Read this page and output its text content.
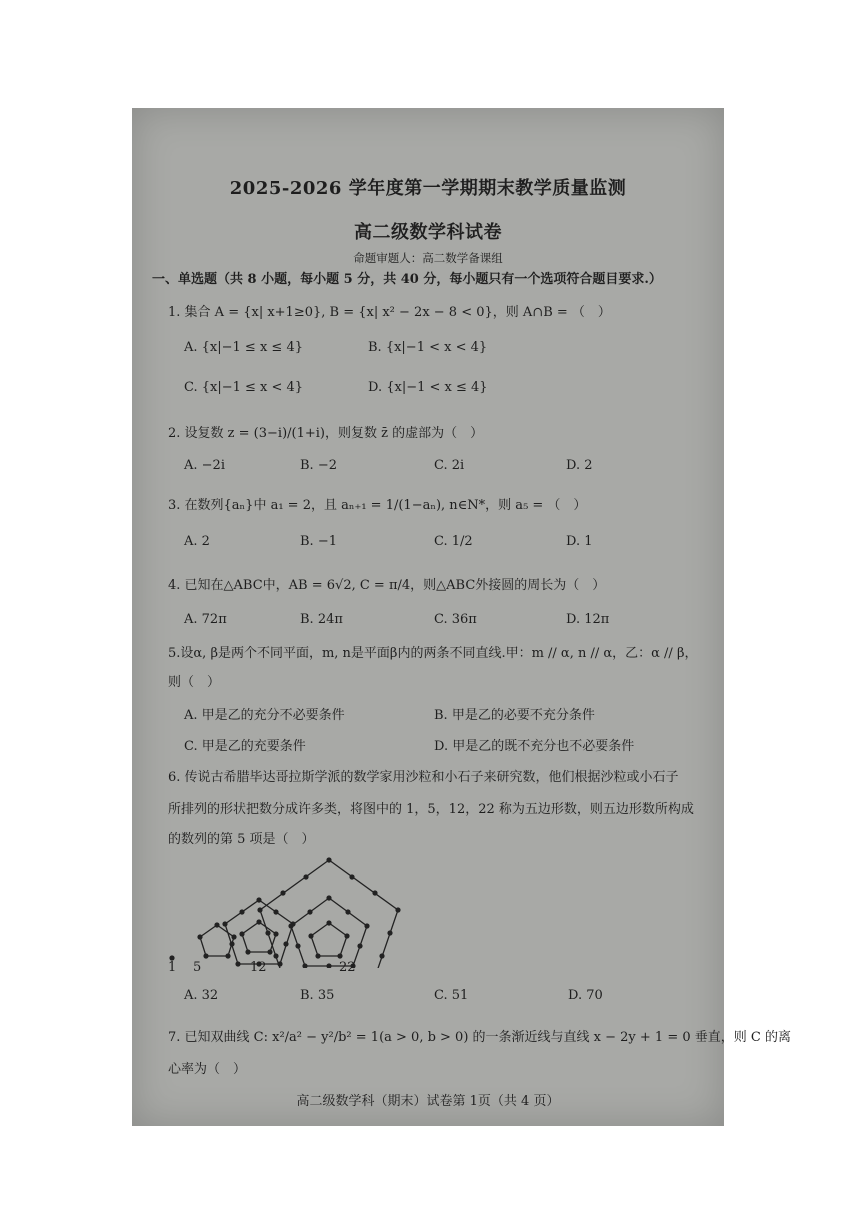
2025-2026 学年度第一学期期末教学质量监测
高二级数学科试卷
命题审题人：高二数学备课组
一、单选题（共 8 小题，每小题 5 分，共 40 分，每小题只有一个选项符合题目要求.）
1. 集合 A = {x| x+1≥0}, B = {x| x² − 2x − 8 < 0}，则 A∩B = （　）
A. {x|−1 ≤ x ≤ 4}	B. {x|−1 < x < 4}
C. {x|−1 ≤ x < 4}	D. {x|−1 < x ≤ 4}
2. 设复数 z = (3−i)/(1+i)，则复数 z̄ 的虚部为（　）
A. −2i	B. −2	C. 2i	D. 2
3. 在数列{aₙ}中 a₁ = 2，且 aₙ₊₁ = 1/(1−aₙ), n∈N*，则 a₅ = （　）
A. 2	B. −1	C. 1/2	D. 1
4. 已知在△ABC中，AB = 6√2, C = π/4，则△ABC外接圆的周长为（　）
A. 72π	B. 24π	C. 36π	D. 12π
5.设α, β是两个不同平面，m, n是平面β内的两条不同直线.甲：m // α, n // α，乙：α // β，
则（　）
A. 甲是乙的充分不必要条件	B. 甲是乙的必要不充分条件
C. 甲是乙的充要条件	D. 甲是乙的既不充分也不必要条件
6. 传说古希腊毕达哥拉斯学派的数学家用沙粒和小石子来研究数，他们根据沙粒或小石子
所排列的形状把数分成许多类，将图中的 1，5，12，22 称为五边形数，则五边形数所构成
的数列的第 5 项是（　）
1 5	12	22
A. 32	B. 35	C. 51	D. 70
7. 已知双曲线 C: x²/a² − y²/b² = 1(a > 0, b > 0) 的一条渐近线与直线 x − 2y + 1 = 0 垂直，则 C 的离
心率为（　）
高二级数学科（期末）试卷第 1页（共 4 页）
